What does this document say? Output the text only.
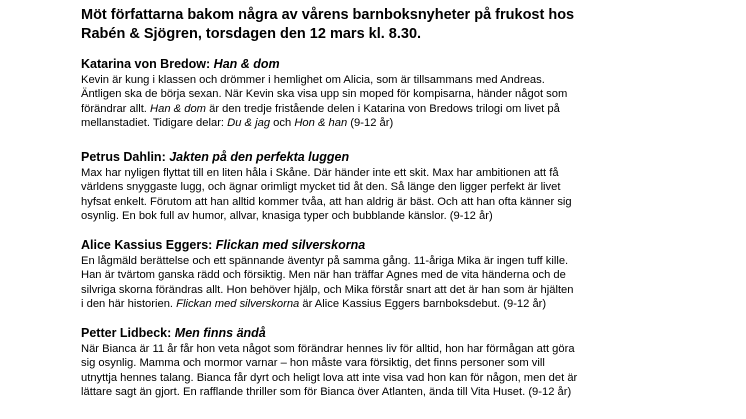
Möt författarna bakom några av vårens barnboksnyheter på frukost hos
Rabén & Sjögren, torsdagen den 12 mars kl. 8.30.
Katarina von Bredow: Han & dom
Kevin är kung i klassen och drömmer i hemlighet om Alicia, som är tillsammans med Andreas.
Äntligen ska de börja sexan. När Kevin ska visa upp sin moped för kompisarna, händer något som
förändrar allt. Han & dom är den tredje fristående delen i Katarina von Bredows trilogi om livet på
mellanstadiet. Tidigare delar: Du & jag och Hon & han (9-12 år)
Petrus Dahlin: Jakten på den perfekta luggen
Max har nyligen flyttat till en liten håla i Skåne. Där händer inte ett skit. Max har ambitionen att få
världens snyggaste lugg, och ägnar orimligt mycket tid åt den. Så länge den ligger perfekt är livet
hyfsat enkelt. Förutom att han alltid kommer tvåa, att han aldrig är bäst. Och att han ofta känner sig
osynlig. En bok full av humor, allvar, knasiga typer och bubblande känslor. (9-12 år)
Alice Kassius Eggers: Flickan med silverskorna
En lågmäld berättelse och ett spännande äventyr på samma gång. 11-åriga Mika är ingen tuff kille.
Han är tvärtom ganska rädd och försiktig. Men när han träffar Agnes med de vita händerna och de
silvriga skorna förändras allt. Hon behöver hjälp, och Mika förstår snart att det är han som är hjälten
i den här historien. Flickan med silverskorna är Alice Kassius Eggers barnboksdebut. (9-12 år)
Petter Lidbeck: Men finns ändå
När Bianca är 11 år får hon veta något som förändrar hennes liv för alltid, hon har förmågan att göra
sig osynlig. Mamma och mormor varnar – hon måste vara försiktig, det finns personer som vill
utnyttja hennes talang. Bianca får dyrt och heligt lova att inte visa vad hon kan för någon, men det är
lättare sagt än gjort. En rafflande thriller som för Bianca över Atlanten, ända till Vita Huset. (9-12 år)
